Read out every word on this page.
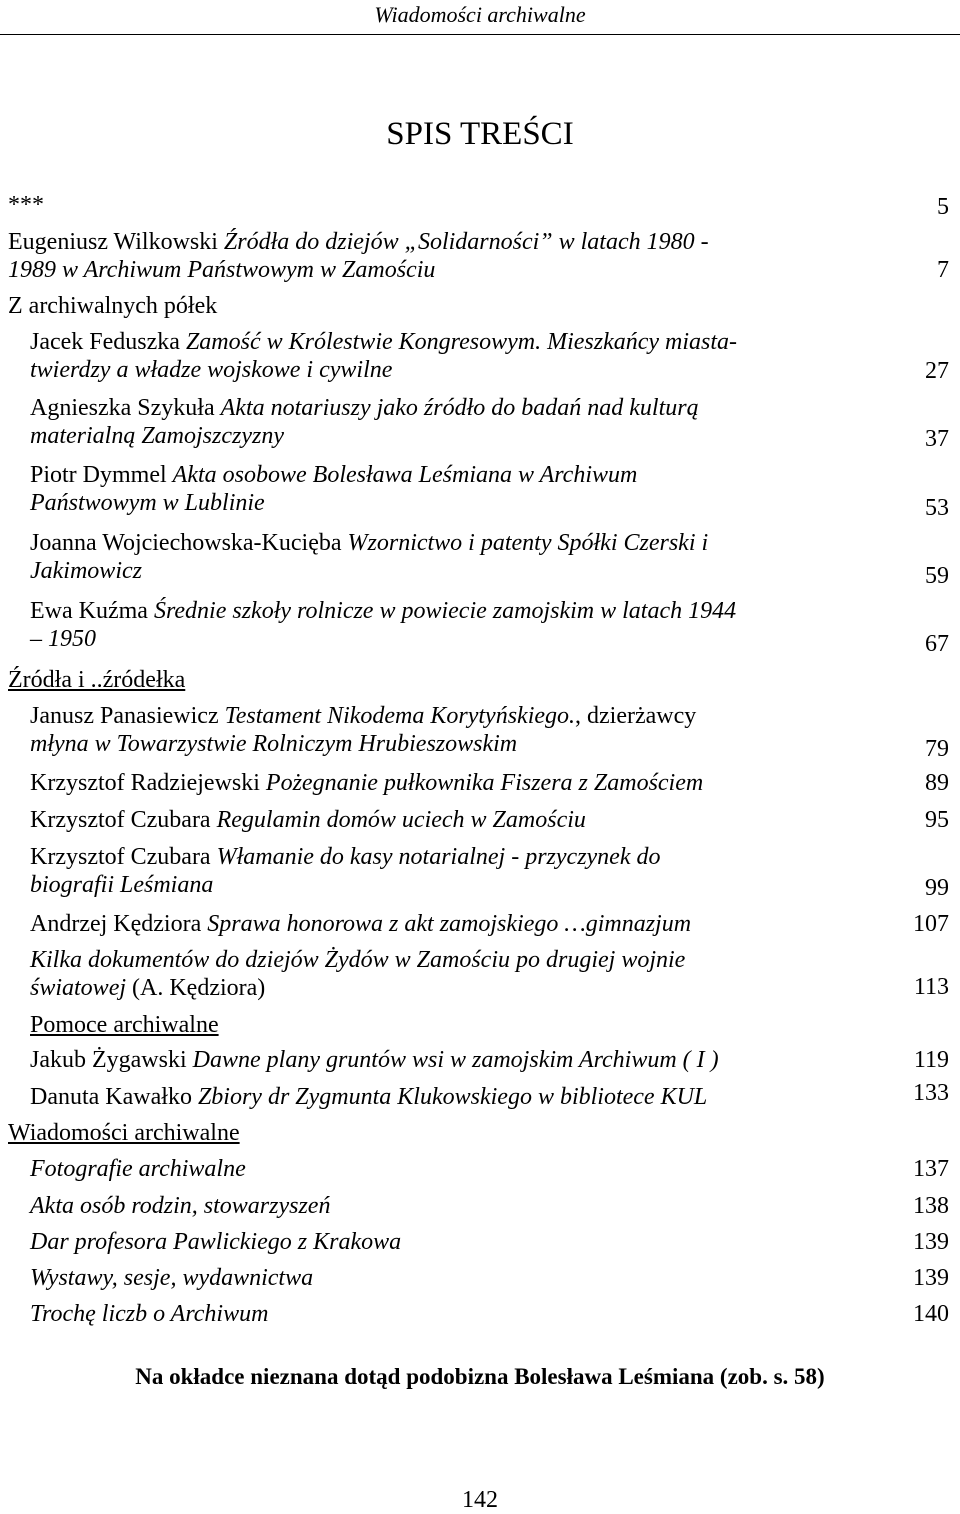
Wiadomości archiwalne
SPIS TREŚCI
***	5
Eugeniusz Wilkowski Źródła do dziejów „Solidarności” w latach 1980 -
1989 w Archiwum Państwowym w Zamościu	7
Z archiwalnych półek
Jacek Feduszka Zamość w Królestwie Kongresowym. Mieszkańcy miasta-
twierdzy a władze wojskowe i cywilne	27
Agnieszka Szykuła Akta notariuszy jako źródło do badań nad kulturą
materialną Zamojszczyzny	37
Piotr Dymmel Akta osobowe Bolesława Leśmiana w Archiwum
Państwowym w Lublinie	53
Joanna Wojciechowska-Kucięba Wzornictwo i patenty Spółki Czerski i
Jakimowicz	59
Ewa Kuźma Średnie szkoły rolnicze w powiecie zamojskim w latach 1944
– 1950	67
Źródła i ..źródełka
Janusz Panasiewicz Testament Nikodema Korytyńskiego., dzierżawcy
młyna w Towarzystwie Rolniczym Hrubieszowskim	79
Krzysztof Radziejewski Pożegnanie pułkownika Fiszera z Zamościem	89
Krzysztof Czubara Regulamin domów uciech w Zamościu	95
Krzysztof Czubara Włamanie do kasy notarialnej - przyczynek do
biografii Leśmiana	99
Andrzej Kędziora Sprawa honorowa z akt zamojskiego …gimnazjum	107
Kilka dokumentów do dziejów Żydów w Zamościu po drugiej wojnie
światowej (A. Kędziora)	113
Pomoce archiwalne
Jakub Żygawski Dawne plany gruntów wsi w zamojskim Archiwum ( I )	119
Danuta Kawałko Zbiory dr Zygmunta Klukowskiego w bibliotece KUL	133
Wiadomości archiwalne
Fotografie archiwalne	137
Akta osób rodzin, stowarzyszeń	138
Dar profesora Pawlickiego z Krakowa	139
Wystawy, sesje, wydawnictwa	139
Trochę liczb o Archiwum	140
Na okładce nieznana dotąd podobizna Bolesława Leśmiana (zob. s. 58)
142
